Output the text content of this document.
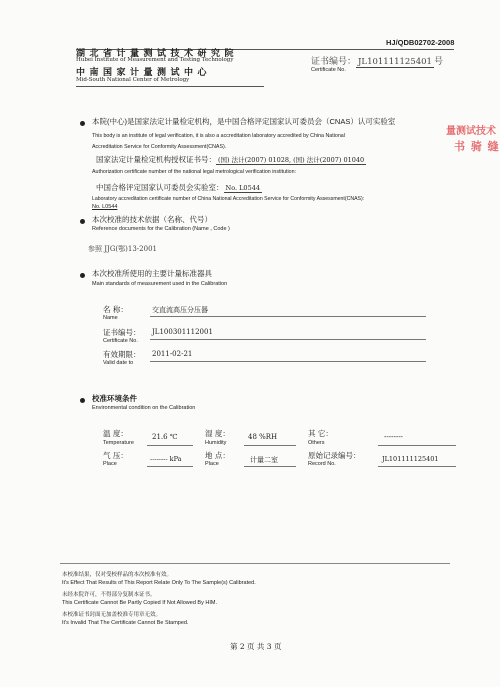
HJ/QDB02702-2008
湖 北 省 计 量 测 试 技 术 研 究 院
Hubei Institute of Measurement and Testing Technology
中 南 国 家 计 量 测 试 中 心
Mid-South National Center of Metrology
证书编号： JL101111125401 号
Certificate No.
本院(中心)是国家法定计量检定机构，是中国合格评定国家认可委员会（CNAS）认可实验室
This body is an institute of legal verification, it is also a accreditation laboratory accredited by China National
Accreditation Service for Conformity Assessment(CNAS).
国家法定计量检定机构授权证书号： (国) 法计(2007) 01028, (国) 法计(2007) 01040
Authorization certificate number of the national legal metrological verification institution:
中国合格评定国家认可委员会实验室： No. L0544
Laboratory accreditation certificate number of China National Accreditation Service for Conformity Assessment(CNAS):
No. L0544
量测试技术
书 骑 缝
本次校准的技术依据（名称、代号）
Reference documents for the Calibration (Name , Code )
参照 JJG(鄂)13-2001
本次校准所使用的主要计量标准器具
Main standards of measurement used in the Calibration
名 称：
Name
交直流高压分压器
证书编号：
Certificate No.
JL100301112001
有效期限：
Valid date to
2011-02-21
校准环境条件
Environmental condition on the Calibration
温 度：
Temperature
21.6 ℃	湿 度：
Humidity
48 %RH	其 它：
Others
--------
气 压：
Place
-------- kPa	地 点：
Place	计量二室	原始记录编号：
Record No.
JL101111125401
本校准结果，仅对受校样品的本次校准有效。
It's Effect That Results of This Report Relate Only To The Sample(s) Calibrated.
未经本院许可，不得部分复制本证书。
This Certificate Cannot Be Partly Copied If Not Allowed By HIM.
本校准证书封面无加盖校准专用章无效。
It's Invalid That The Certificate Cannot Be Stamped.
第 2 页 共 3 页
